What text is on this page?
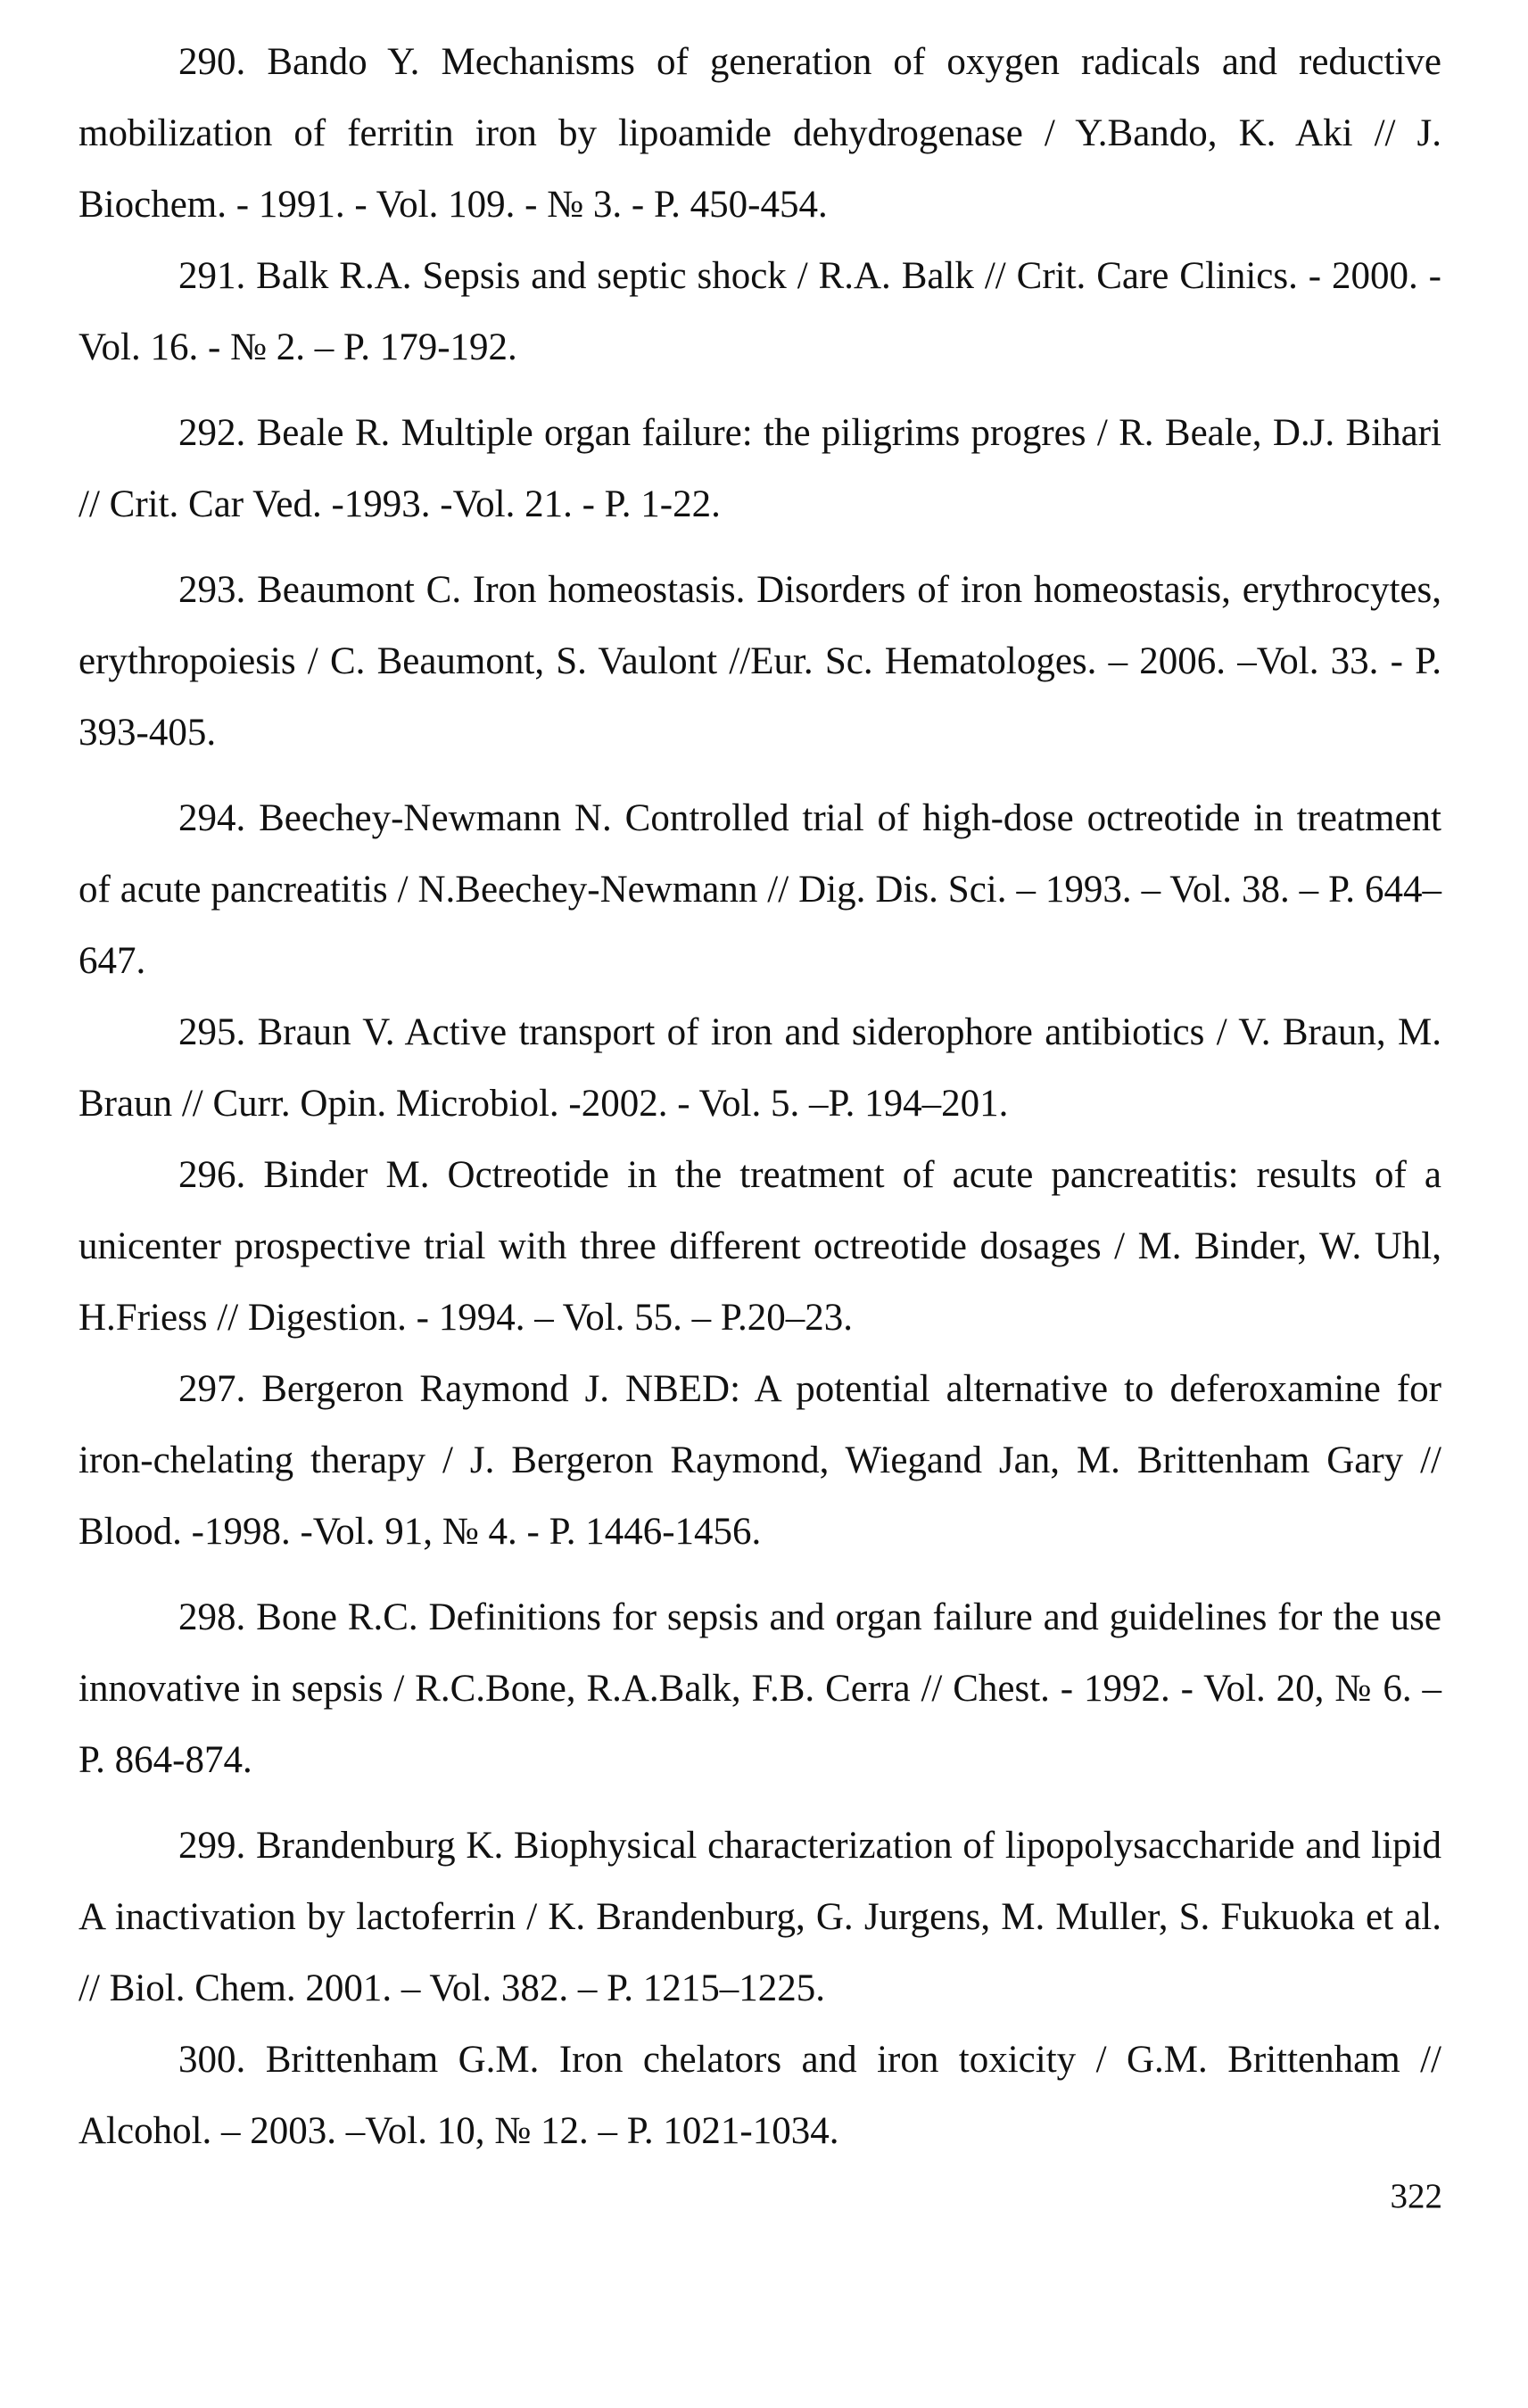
290. Bando Y. Mechanisms of generation of oxygen radicals and reductive mobilization of ferritin iron by lipoamide dehydrogenase / Y.Bando, K. Aki // J. Biochem. - 1991. - Vol. 109. - № 3. - P. 450-454.

291. Balk R.A. Sepsis and septic shock / R.A. Balk // Crit. Care Clinics. - 2000. -Vol. 16. - № 2. – P. 179-192.

292. Beale R. Multiple organ failure: the piligrims progres / R. Beale, D.J. Bihari // Crit. Car Ved. -1993. -Vol. 21. - P. 1-22.

293. Beaumont C. Iron homeostasis. Disorders of iron homeostasis, erythrocytes, erythropoiesis / C. Beaumont, S. Vaulont //Eur. Sc. Hematologes. – 2006. –Vol. 33. - P. 393-405.

294. Beechey-Newmann N. Controlled trial of high-dose octreotide in treatment of acute pancreatitis / N.Beechey-Newmann // Dig. Dis. Sci. – 1993. – Vol. 38. – P. 644–647.

295. Braun V. Active transport of iron and siderophore antibiotics / V. Braun, M. Braun // Curr. Opin. Microbiol. -2002. - Vol. 5. –P. 194–201.

296. Binder M. Octreotide in the treatment of acute pancreatitis: results of a unicenter prospective trial with three different octreotide dosages / M. Binder, W. Uhl, H.Friess // Digestion. - 1994. – Vol. 55. – P.20–23.

297. Bergeron Raymond J. NBED: A potential alternative to deferoxamine for iron-chelating therapy / J. Bergeron Raymond, Wiegand Jan, M. Brittenham Gary // Blood. -1998. -Vol. 91, № 4. - P. 1446-1456.

298. Bone R.C. Definitions for sepsis and organ failure and guidelines for the use innovative in sepsis / R.C.Bone, R.A.Balk, F.B. Cerra // Chest. - 1992. - Vol. 20, № 6. –P. 864-874.

299. Brandenburg K. Biophysical characterization of lipopolysaccharide and lipid A inactivation by lactoferrin / K. Brandenburg, G. Jurgens, M. Muller, S. Fukuoka et al. // Biol. Chem. 2001. – Vol. 382. – P. 1215–1225.

300. Brittenham G.M. Iron chelators and iron toxicity / G.M. Brittenham // Alcohol. – 2003. –Vol. 10, № 12. – P. 1021-1034.

322
